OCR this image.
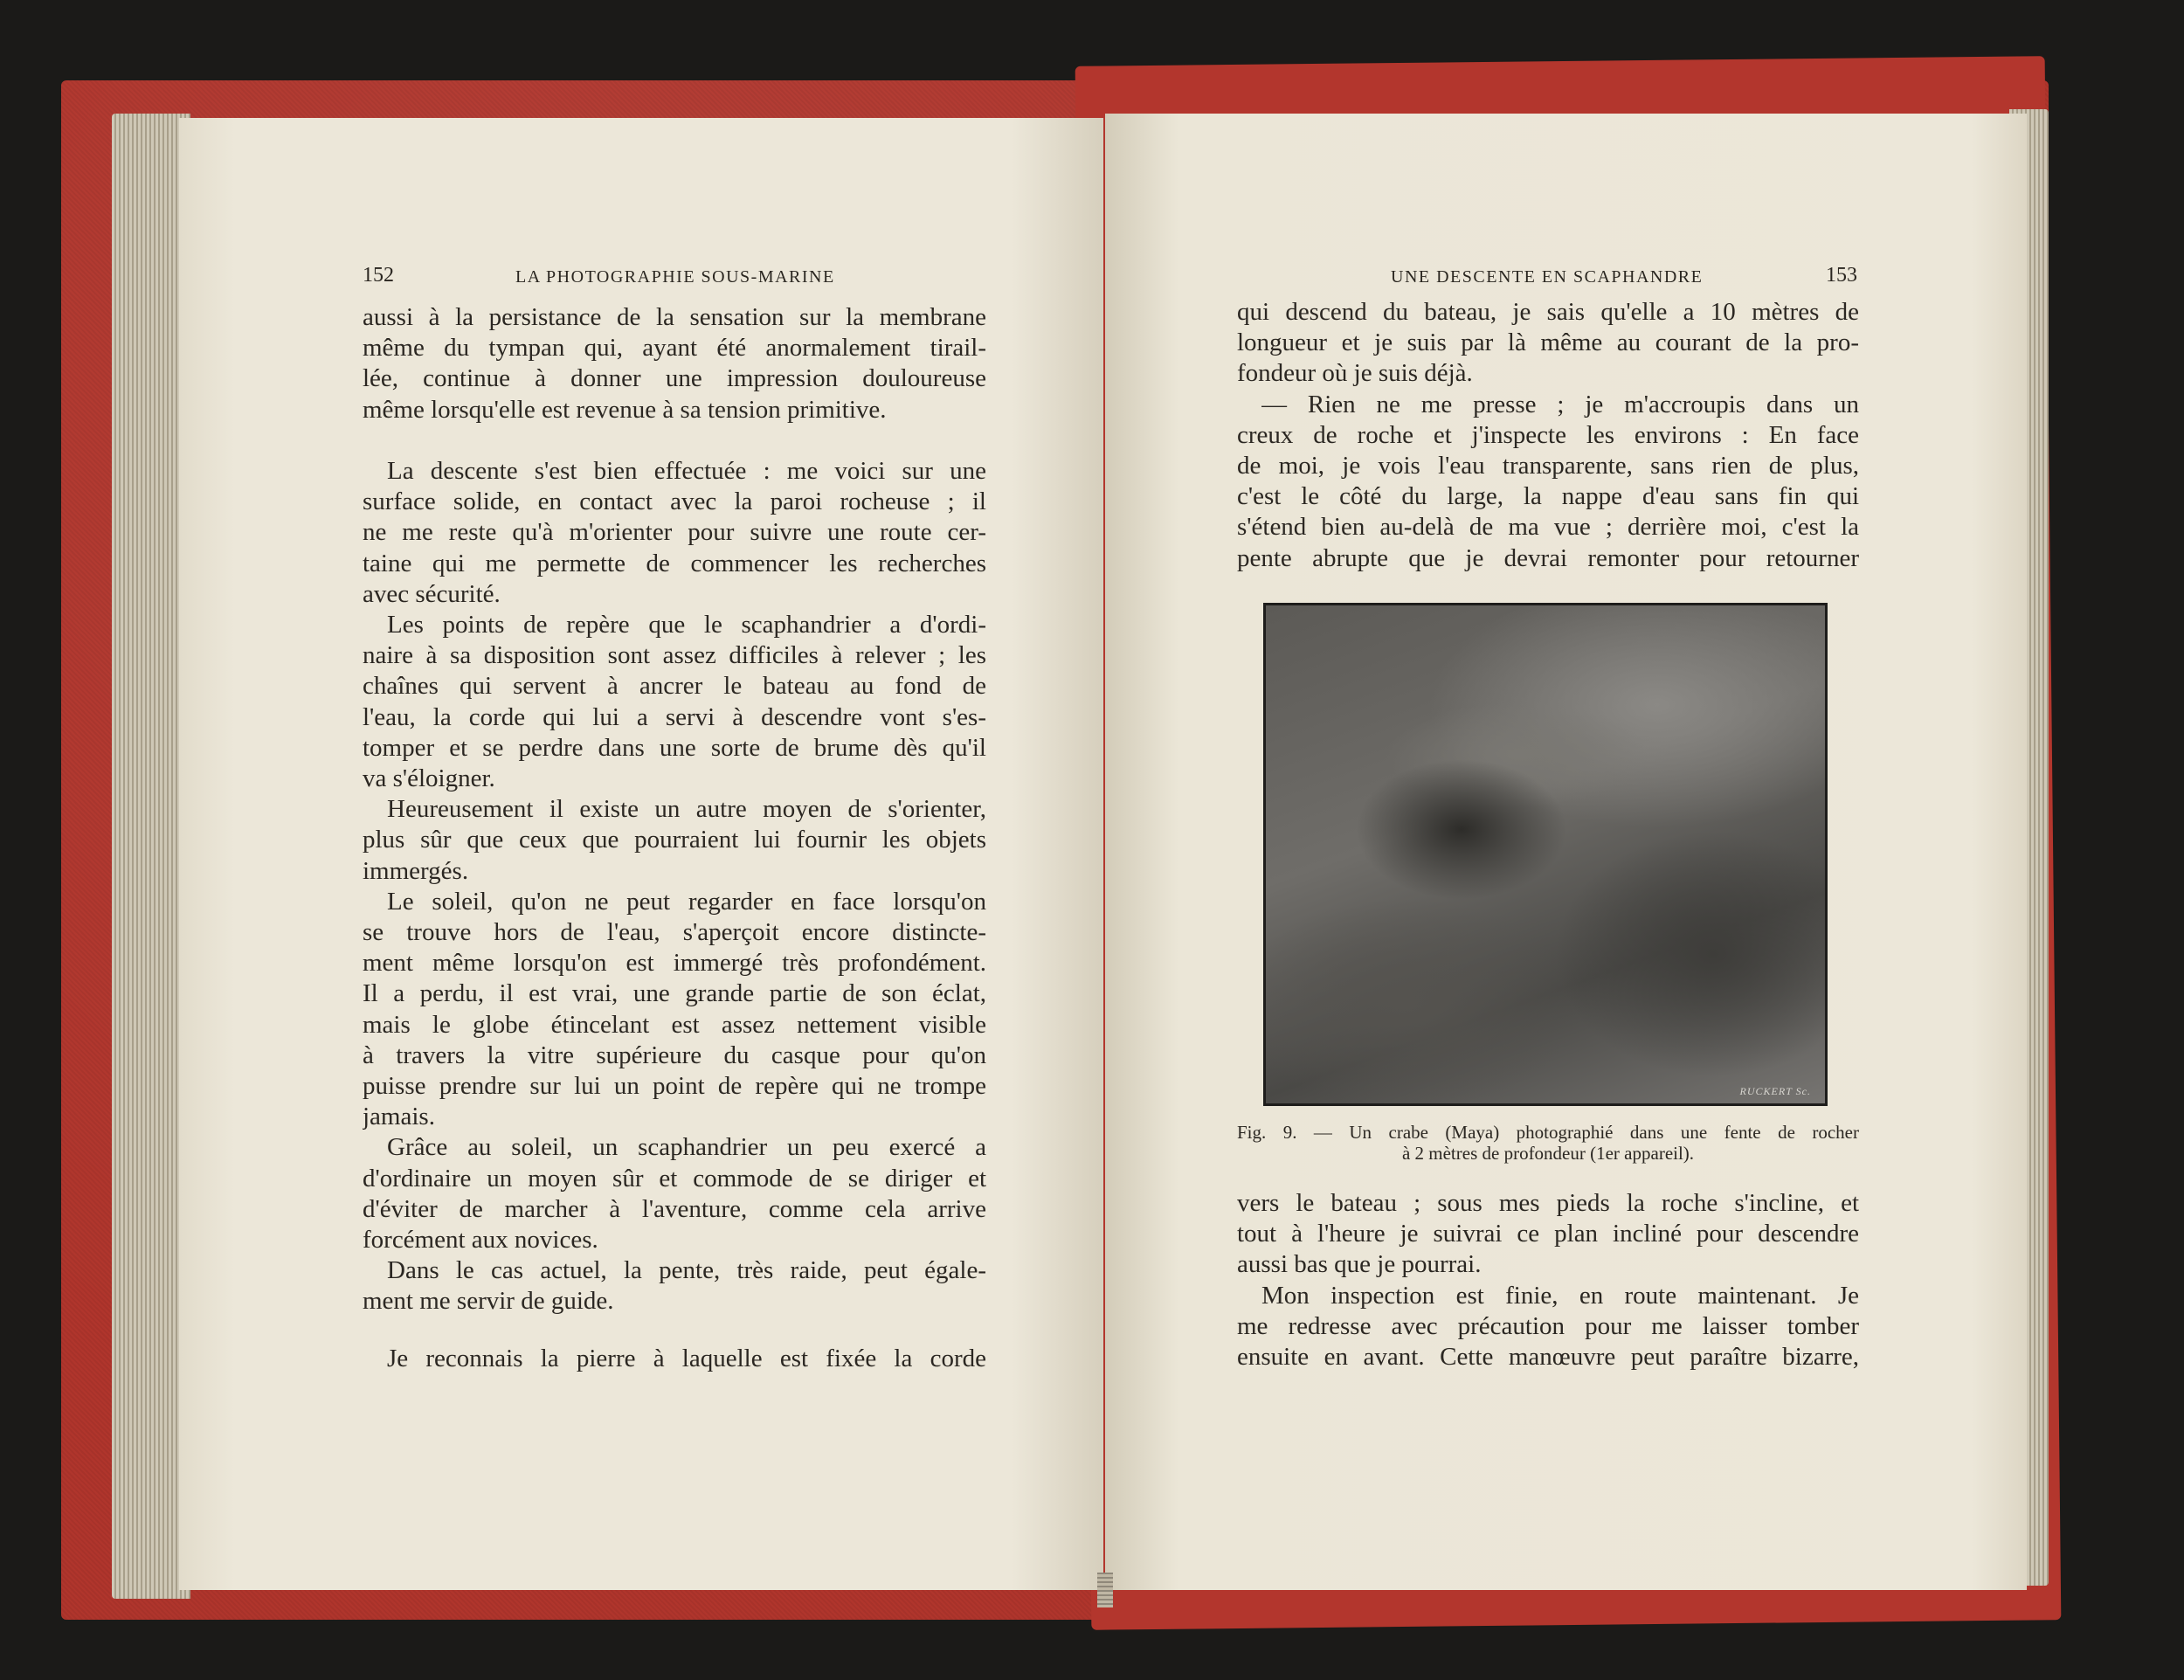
152	LA PHOTOGRAPHIE SOUS-MARINE	UNE DESCENTE EN SCAPHANDRE	153
aussi à la persistance de la sensation sur la membrane
même du tympan qui, ayant été anormalement tirail-
lée, continue à donner une impression douloureuse
même lorsqu'elle est revenue à sa tension primitive.
La descente s'est bien effectuée : me voici sur une
surface solide, en contact avec la paroi rocheuse ; il
ne me reste qu'à m'orienter pour suivre une route cer-
taine qui me permette de commencer les recherches
avec sécurité.
Les points de repère que le scaphandrier a d'ordi-
naire à sa disposition sont assez difficiles à relever ; les
chaînes qui servent à ancrer le bateau au fond de
l'eau, la corde qui lui a servi à descendre vont s'es-
tomper et se perdre dans une sorte de brume dès qu'il
va s'éloigner.
Heureusement il existe un autre moyen de s'orienter,
plus sûr que ceux que pourraient lui fournir les objets
immergés.
Le soleil, qu'on ne peut regarder en face lorsqu'on
se trouve hors de l'eau, s'aperçoit encore distincte-
ment même lorsqu'on est immergé très profondément.
Il a perdu, il est vrai, une grande partie de son éclat,
mais le globe étincelant est assez nettement visible
à travers la vitre supérieure du casque pour qu'on
puisse prendre sur lui un point de repère qui ne trompe
jamais.
Grâce au soleil, un scaphandrier un peu exercé a
d'ordinaire un moyen sûr et commode de se diriger et
d'éviter de marcher à l'aventure, comme cela arrive
forcément aux novices.
Dans le cas actuel, la pente, très raide, peut égale-
ment me servir de guide.
Je reconnais la pierre à laquelle est fixée la corde
qui descend du bateau, je sais qu'elle a 10 mètres de
longueur et je suis par là même au courant de la pro-
fondeur où je suis déjà.
— Rien ne me presse ; je m'accroupis dans un
creux de roche et j'inspecte les environs : En face
de moi, je vois l'eau transparente, sans rien de plus,
c'est le côté du large, la nappe d'eau sans fin qui
s'étend bien au-delà de ma vue ; derrière moi, c'est la
pente abrupte que je devrai remonter pour retourner
vers le bateau ; sous mes pieds la roche s'incline, et
tout à l'heure je suivrai ce plan incliné pour descendre
aussi bas que je pourrai.
Mon inspection est finie, en route maintenant. Je
me redresse avec précaution pour me laisser tomber
ensuite en avant. Cette manœuvre peut paraître bizarre,
RUCKERT Sc.
Fig. 9. — Un crabe (Maya) photographié dans une fente de rocher
à 2 mètres de profondeur (1er appareil).
